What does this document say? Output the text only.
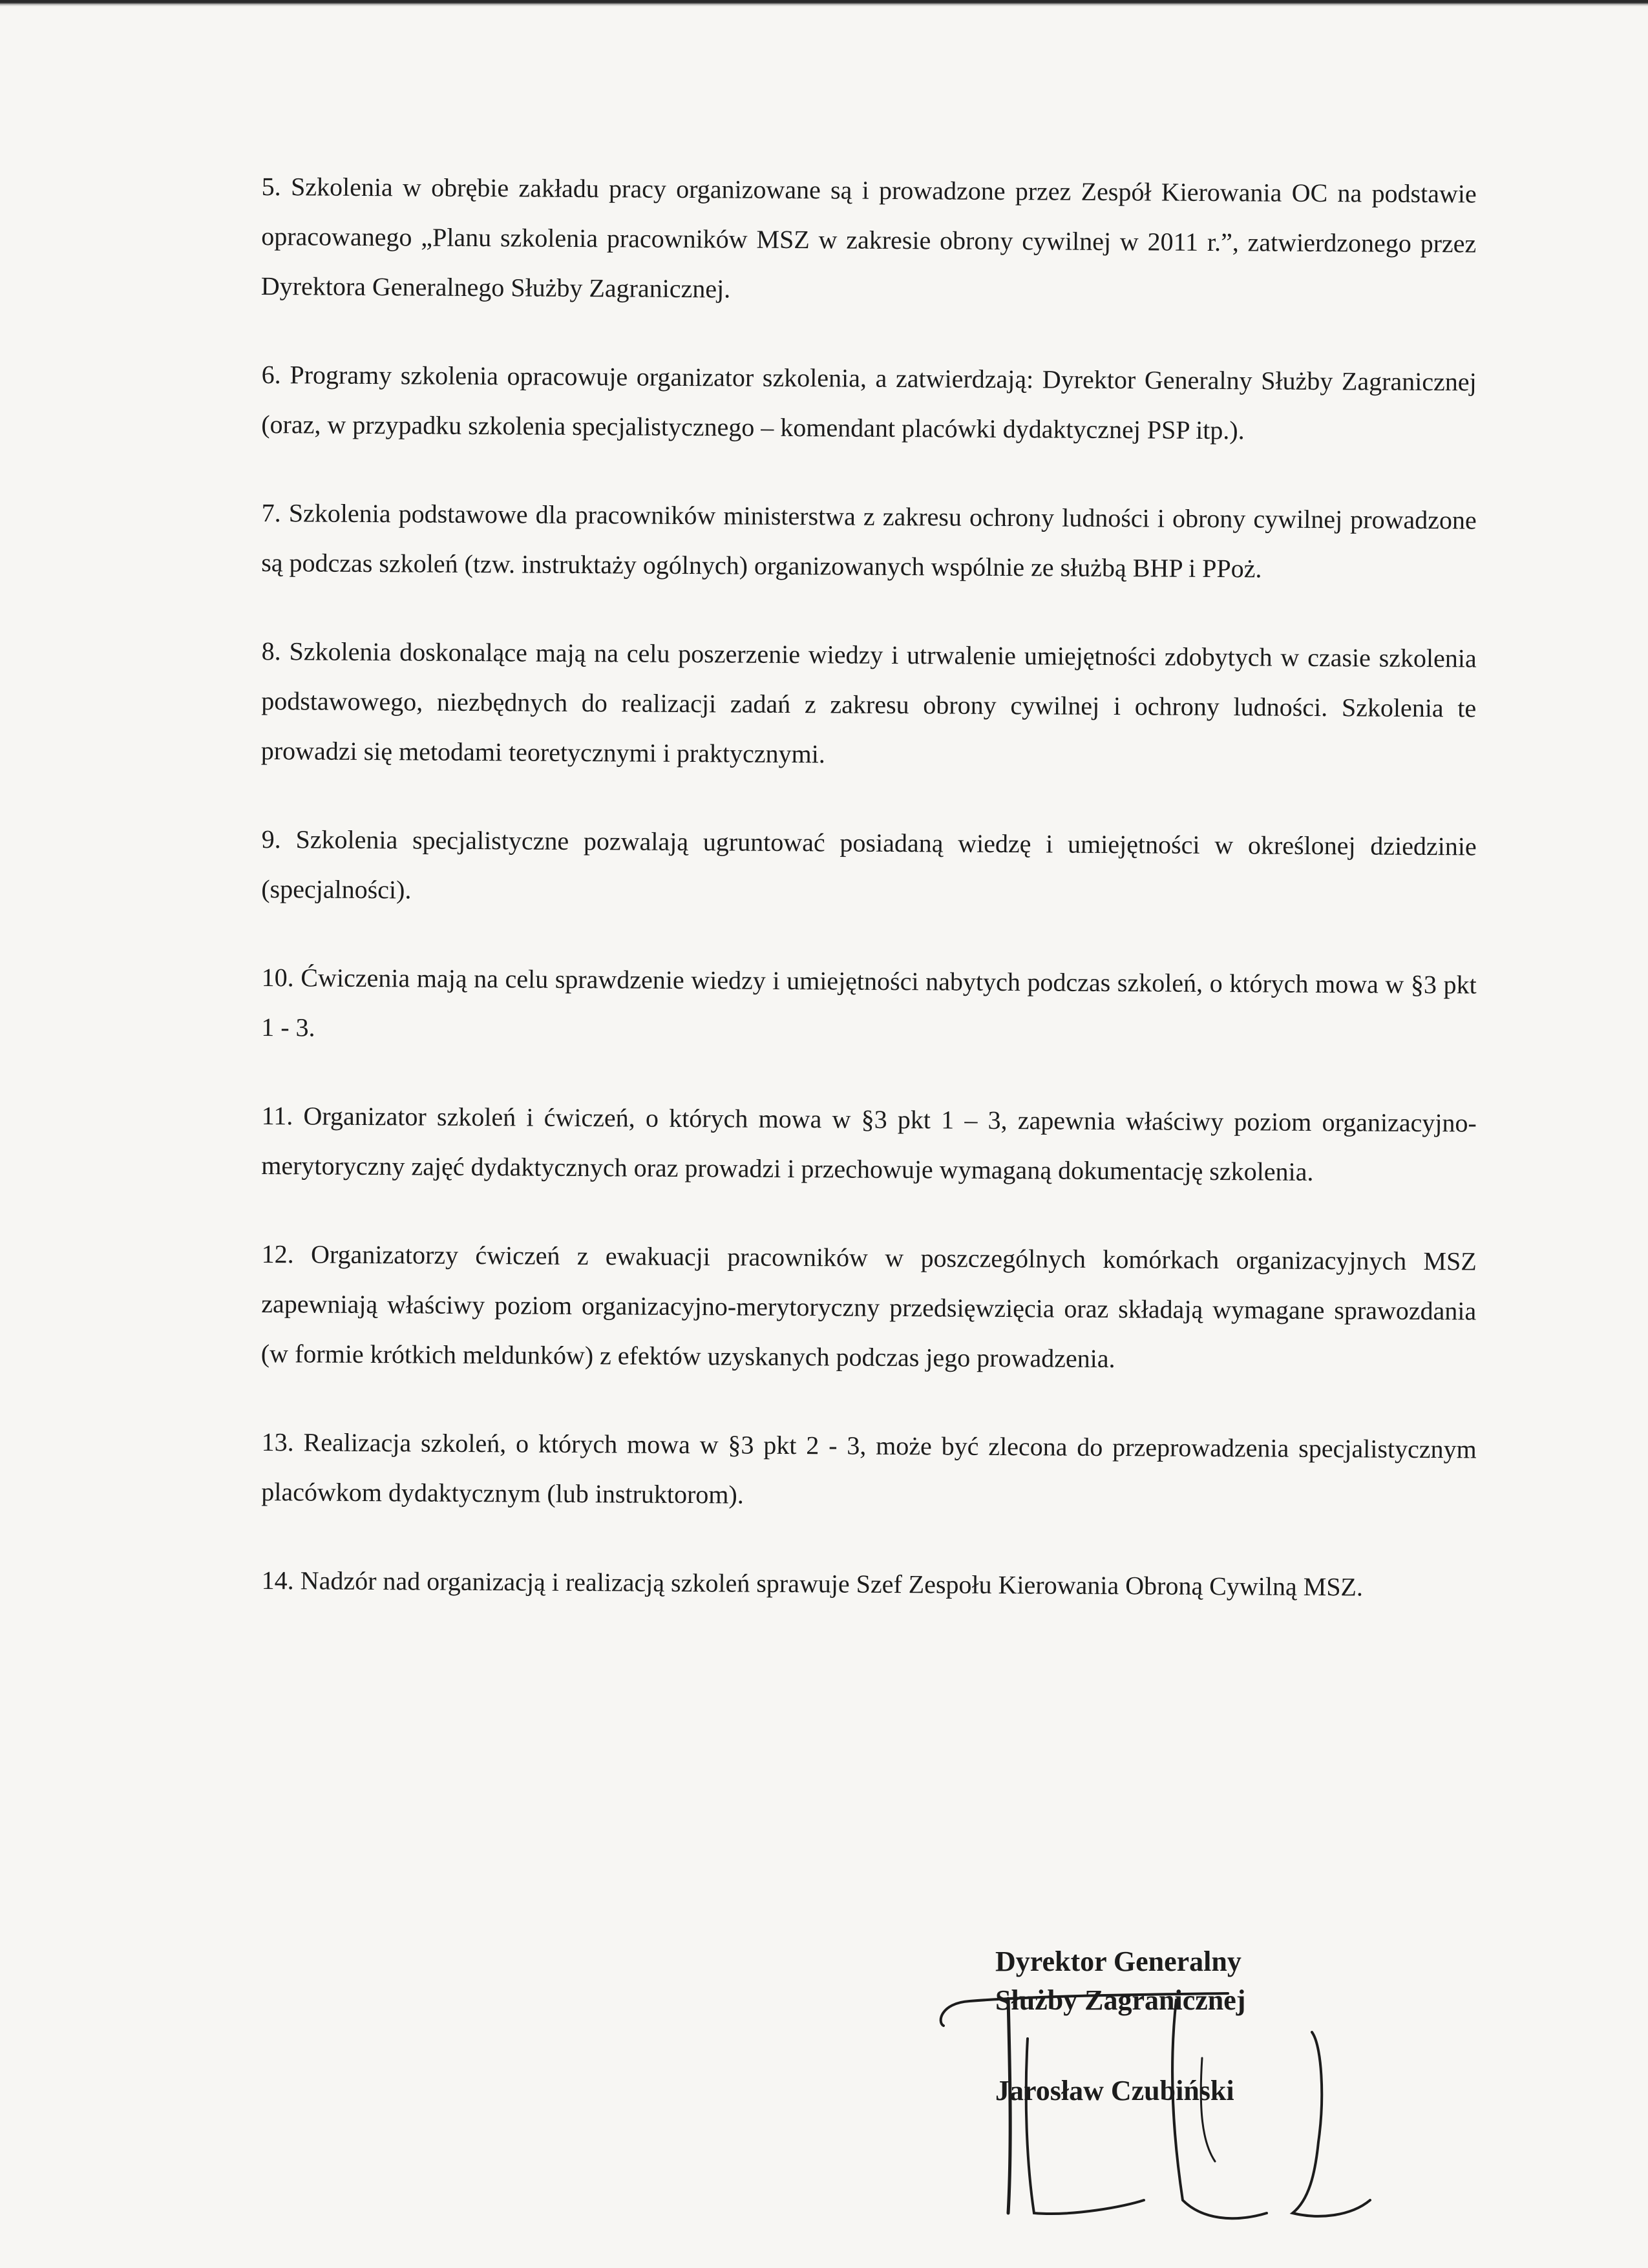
5. Szkolenia w obrębie zakładu pracy organizowane są i prowadzone przez Zespół Kierowania OC na podstawie opracowanego „Planu szkolenia pracowników MSZ w zakresie obrony cywilnej w 2011 r.”, zatwierdzonego przez Dyrektora Generalnego Służby Zagranicznej.

6. Programy szkolenia opracowuje organizator szkolenia, a zatwierdzają: Dyrektor Generalny Służby Zagranicznej (oraz, w przypadku szkolenia specjalistycznego – komendant placówki dydaktycznej PSP itp.).

7. Szkolenia podstawowe dla pracowników ministerstwa z zakresu ochrony ludności i obrony cywilnej prowadzone są podczas szkoleń (tzw. instruktaży ogólnych) organizowanych wspólnie ze służbą BHP i PPoż.

8. Szkolenia doskonalące mają na celu poszerzenie wiedzy i utrwalenie umiejętności zdobytych w czasie szkolenia podstawowego, niezbędnych do realizacji zadań z zakresu obrony cywilnej i ochrony ludności. Szkolenia te prowadzi się metodami teoretycznymi i praktycznymi.

9. Szkolenia specjalistyczne pozwalają ugruntować posiadaną wiedzę i umiejętności w określonej dziedzinie (specjalności).

10. Ćwiczenia mają na celu sprawdzenie wiedzy i umiejętności nabytych podczas szkoleń, o których mowa w §3 pkt 1 - 3.

11. Organizator szkoleń i ćwiczeń, o których mowa w §3 pkt 1 – 3, zapewnia właściwy poziom organizacyjno-merytoryczny zajęć dydaktycznych oraz prowadzi i przechowuje wymaganą dokumentację szkolenia.

12. Organizatorzy ćwiczeń z ewakuacji pracowników w poszczególnych komórkach organizacyjnych MSZ zapewniają właściwy poziom organizacyjno-merytoryczny przedsięwzięcia oraz składają wymagane sprawozdania (w formie krótkich meldunków) z efektów uzyskanych podczas jego prowadzenia.

13. Realizacja szkoleń, o których mowa w §3 pkt 2 - 3, może być zlecona do przeprowadzenia specjalistycznym placówkom dydaktycznym (lub instruktorom).

14. Nadzór nad organizacją i realizacją szkoleń sprawuje Szef Zespołu Kierowania Obroną Cywilną MSZ.

Dyrektor Generalny
Służby Zagranicznej
Jarosław Czubiński
